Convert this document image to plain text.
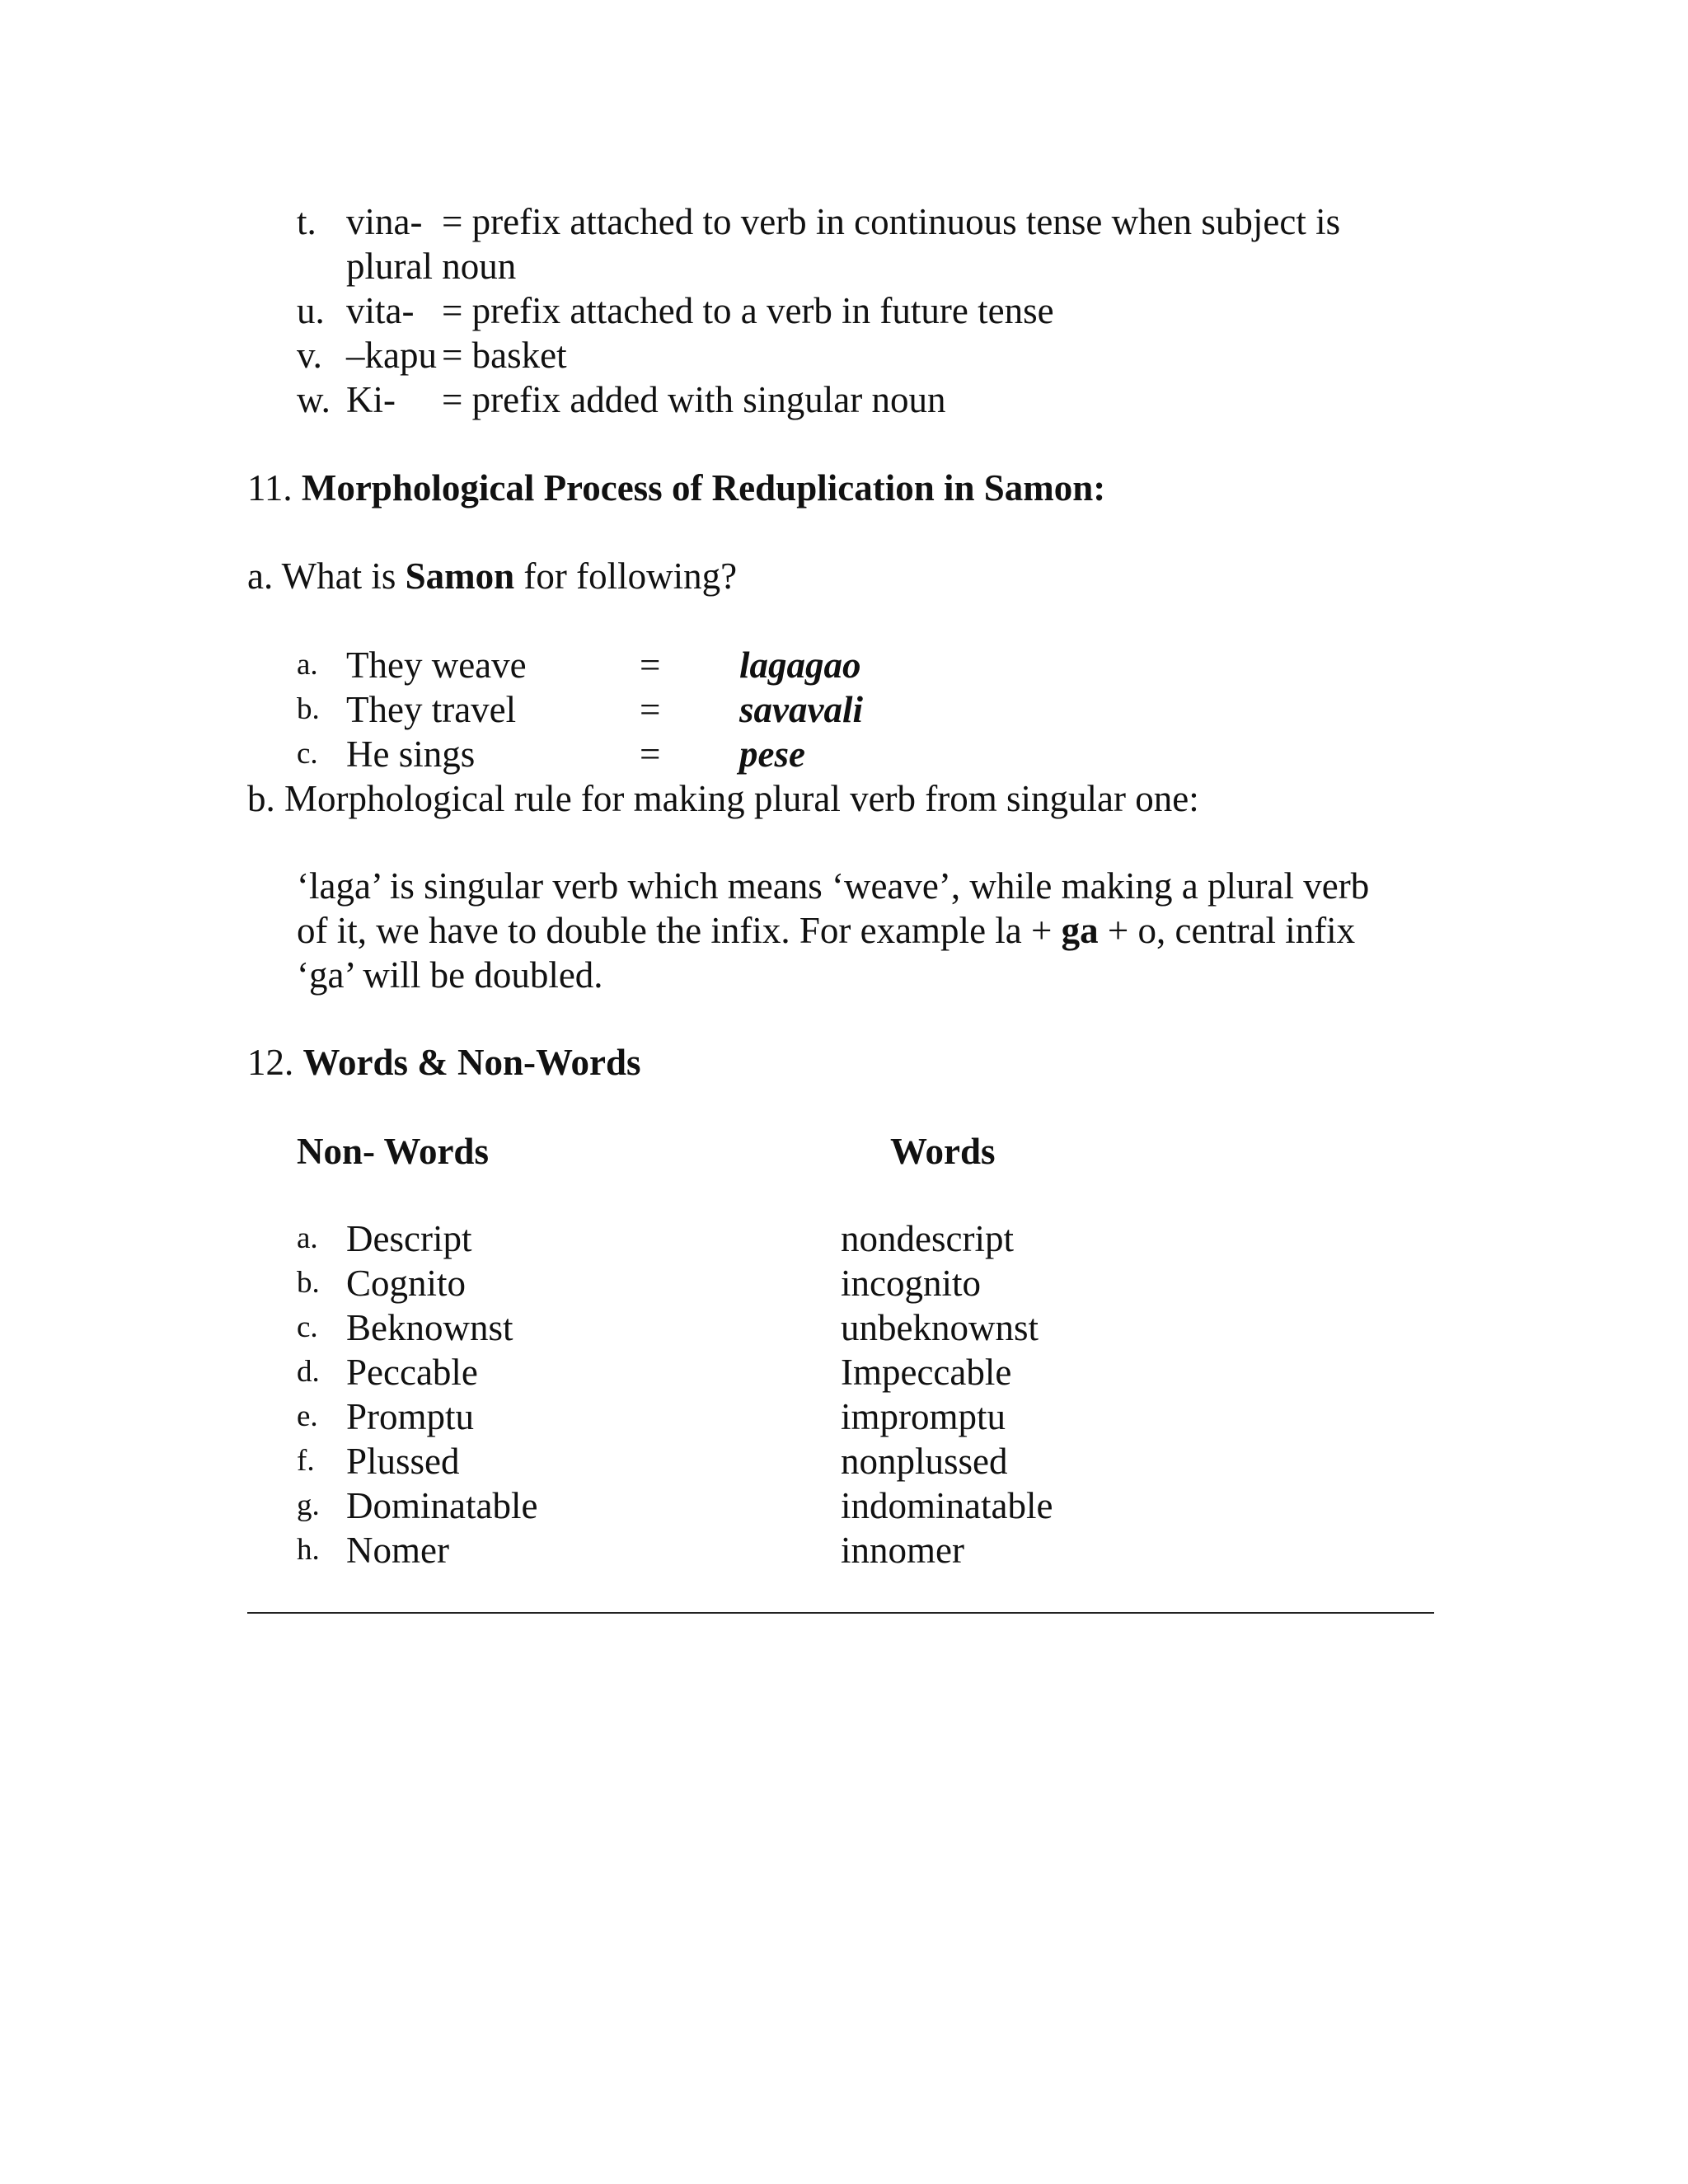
t. vina- = prefix attached to verb in continuous tense when subject is
plural noun
u. vita- = prefix attached to a verb in future tense
v. –kapu = basket
w. Ki- = prefix added with singular noun
11. Morphological Process of Reduplication in Samon:
a. What is Samon for following?
a. They weave	= lagagao
b. They travel	= savavali
c. He sings	= pese
b. Morphological rule for making plural verb from singular one:
‘laga’ is singular verb which means ‘weave’, while making a plural verb
of it, we have to double the infix. For example la + ga + o, central infix
‘ga’ will be doubled.
12. Words & Non-Words
Non- Words	Words
a. Descript	nondescript
b. Cognito	incognito
c. Beknownst	unbeknownst
d. Peccable	Impeccable
e. Promptu	impromptu
f. Plussed	nonplussed
g. Dominatable	indominatable
h. Nomer	innomer
